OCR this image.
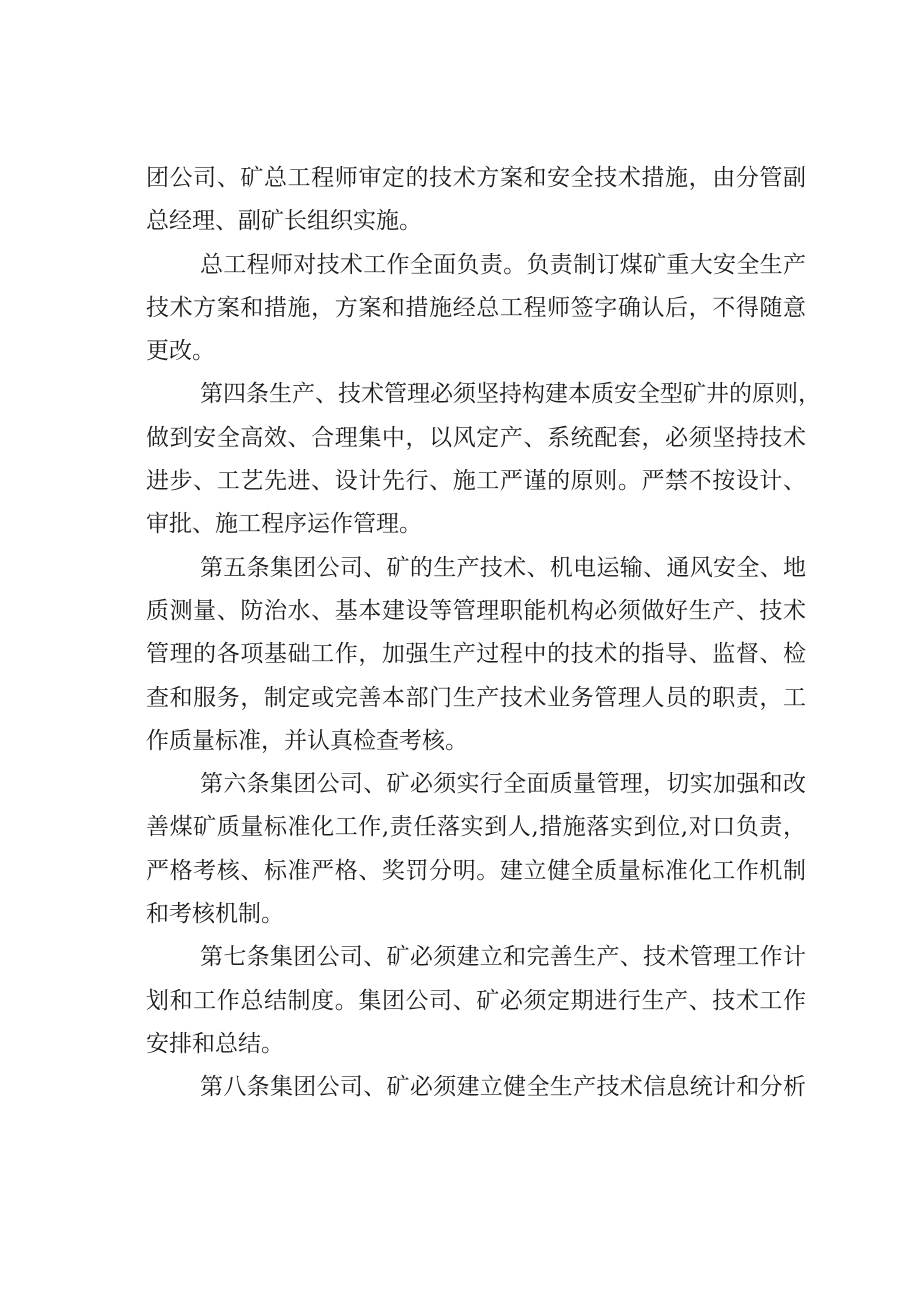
团公司、矿总工程师审定的技术方案和安全技术措施，由分管副
总经理、副矿长组织实施。
总工程师对技术工作全面负责。负责制订煤矿重大安全生产
技术方案和措施，方案和措施经总工程师签字确认后，不得随意
更改。
第四条生产、技术管理必须坚持构建本质安全型矿井的原则，
做到安全高效、合理集中，以风定产、系统配套，必须坚持技术
进步、工艺先进、设计先行、施工严谨的原则。严禁不按设计、
审批、施工程序运作管理。
第五条集团公司、矿的生产技术、机电运输、通风安全、地
质测量、防治水、基本建设等管理职能机构必须做好生产、技术
管理的各项基础工作，加强生产过程中的技术的指导、监督、检
查和服务，制定或完善本部门生产技术业务管理人员的职责，工
作质量标准，并认真检查考核。
第六条集团公司、矿必须实行全面质量管理，切实加强和改
善煤矿质量标准化工作,责任落实到人,措施落实到位,对口负责，
严格考核、标准严格、奖罚分明。建立健全质量标准化工作机制
和考核机制。
第七条集团公司、矿必须建立和完善生产、技术管理工作计
划和工作总结制度。集团公司、矿必须定期进行生产、技术工作
安排和总结。
第八条集团公司、矿必须建立健全生产技术信息统计和分析
